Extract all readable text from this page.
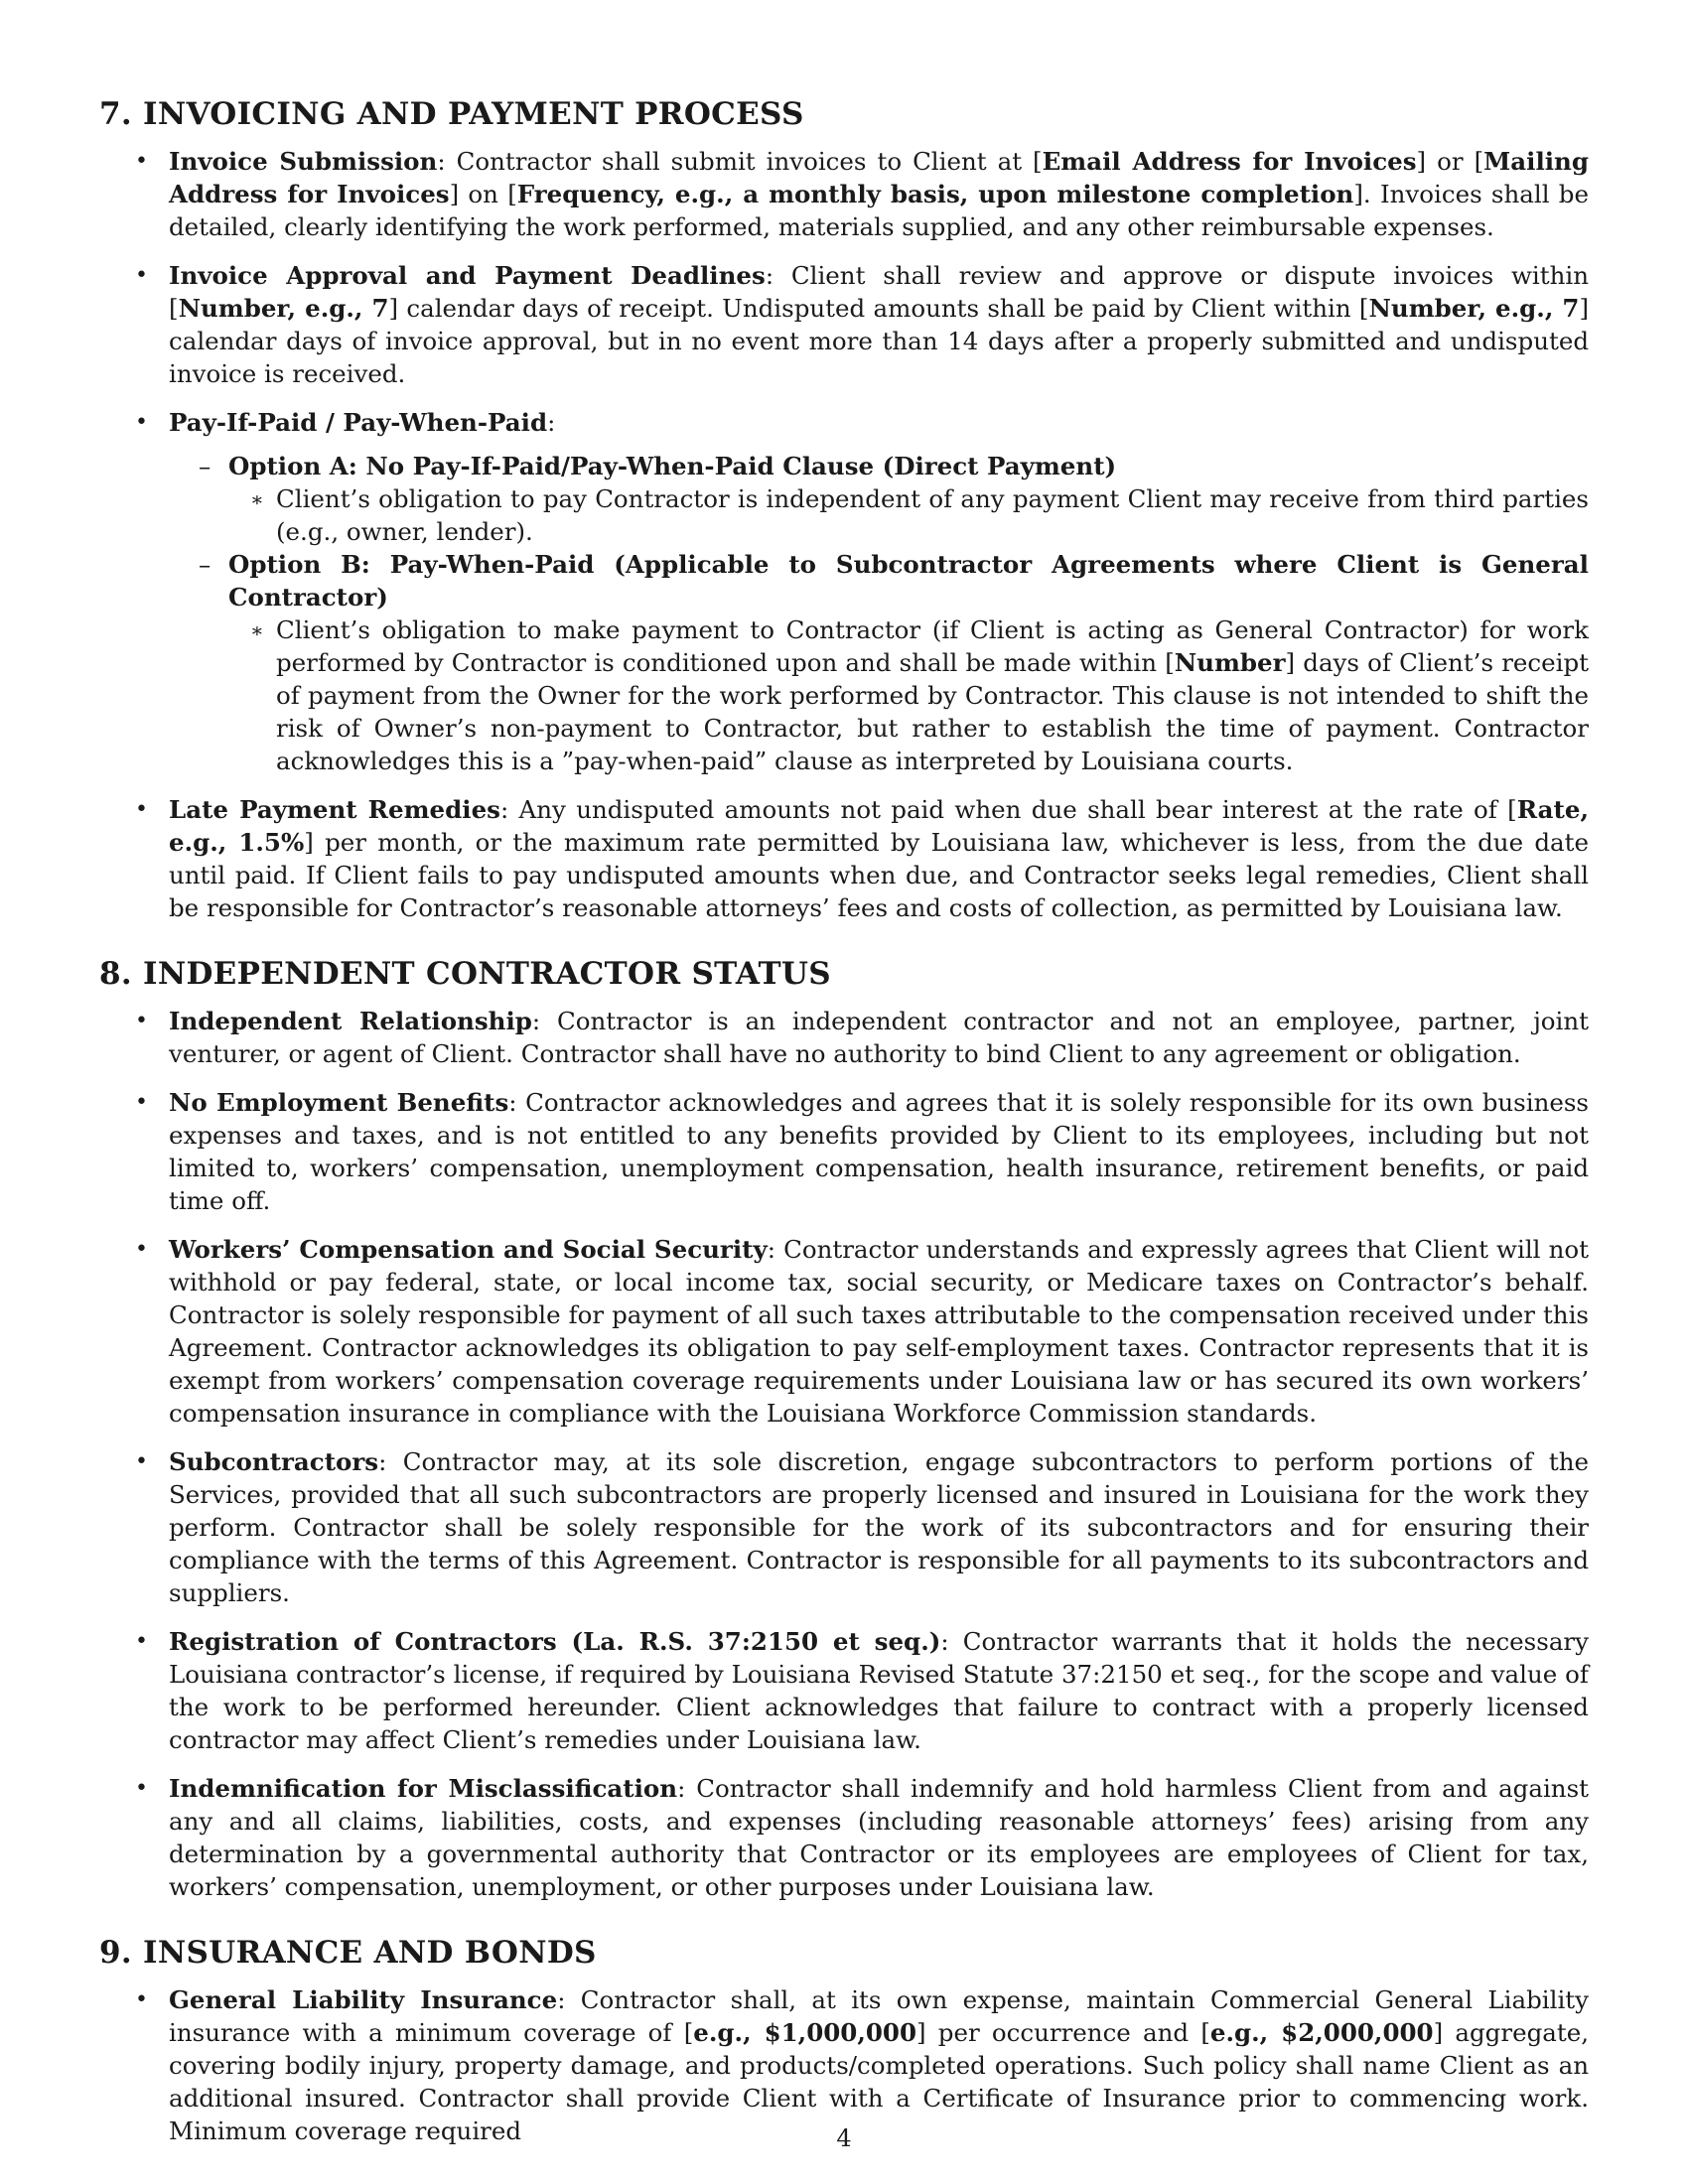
7. INVOICING AND PAYMENT PROCESS
• Invoice Submission: Contractor shall submit invoices to Client at [Email Address for Invoices] or [Mailing Address for Invoices] on [Frequency, e.g., a monthly basis, upon milestone completion]. Invoices shall be detailed, clearly identifying the work performed, materials supplied, and any other reimbursable expenses.
• Invoice Approval and Payment Deadlines: Client shall review and approve or dispute invoices within [Number, e.g., 7] calendar days of receipt. Undisputed amounts shall be paid by Client within [Number, e.g., 7] calendar days of invoice approval, but in no event more than 14 days after a properly submitted and undisputed invoice is received.
• Pay-If-Paid / Pay-When-Paid:
– Option A: No Pay-If-Paid/Pay-When-Paid Clause (Direct Payment)
∗ Client’s obligation to pay Contractor is independent of any payment Client may receive from third parties (e.g., owner, lender).
– Option B: Pay-When-Paid (Applicable to Subcontractor Agreements where Client is General Contractor)
∗ Client’s obligation to make payment to Contractor (if Client is acting as General Contractor) for work performed by Contractor is conditioned upon and shall be made within [Number] days of Client’s receipt of payment from the Owner for the work performed by Contractor. This clause is not intended to shift the risk of Owner’s non-payment to Contractor, but rather to establish the time of payment. Contractor acknowledges this is a ”pay-when-paid” clause as interpreted by Louisiana courts.
• Late Payment Remedies: Any undisputed amounts not paid when due shall bear interest at the rate of [Rate, e.g., 1.5%] per month, or the maximum rate permitted by Louisiana law, whichever is less, from the due date until paid. If Client fails to pay undisputed amounts when due, and Contractor seeks legal remedies, Client shall be responsible for Contractor’s reasonable attorneys’ fees and costs of collection, as permitted by Louisiana law.
8. INDEPENDENT CONTRACTOR STATUS
• Independent Relationship: Contractor is an independent contractor and not an employee, partner, joint venturer, or agent of Client. Contractor shall have no authority to bind Client to any agreement or obligation.
• No Employment Benefits: Contractor acknowledges and agrees that it is solely responsible for its own business expenses and taxes, and is not entitled to any benefits provided by Client to its employees, including but not limited to, workers’ compensation, unemployment compensation, health insurance, retirement benefits, or paid time off.
• Workers’ Compensation and Social Security: Contractor understands and expressly agrees that Client will not withhold or pay federal, state, or local income tax, social security, or Medicare taxes on Contractor’s behalf. Contractor is solely responsible for payment of all such taxes attributable to the compensation received under this Agreement. Contractor acknowledges its obligation to pay self-employment taxes. Contractor represents that it is exempt from workers’ compensation coverage requirements under Louisiana law or has secured its own workers’ compensation insurance in compliance with the Louisiana Workforce Commission standards.
• Subcontractors: Contractor may, at its sole discretion, engage subcontractors to perform portions of the Services, provided that all such subcontractors are properly licensed and insured in Louisiana for the work they perform. Contractor shall be solely responsible for the work of its subcontractors and for ensuring their compliance with the terms of this Agreement. Contractor is responsible for all payments to its subcontractors and suppliers.
• Registration of Contractors (La. R.S. 37:2150 et seq.): Contractor warrants that it holds the necessary Louisiana contractor’s license, if required by Louisiana Revised Statute 37:2150 et seq., for the scope and value of the work to be performed hereunder. Client acknowledges that failure to contract with a properly licensed contractor may affect Client’s remedies under Louisiana law.
• Indemnification for Misclassification: Contractor shall indemnify and hold harmless Client from and against any and all claims, liabilities, costs, and expenses (including reasonable attorneys’ fees) arising from any determination by a governmental authority that Contractor or its employees are employees of Client for tax, workers’ compensation, unemployment, or other purposes under Louisiana law.
9. INSURANCE AND BONDS
• General Liability Insurance: Contractor shall, at its own expense, maintain Commercial General Liability insurance with a minimum coverage of [e.g., $1,000,000] per occurrence and [e.g., $2,000,000] aggregate, covering bodily injury, property damage, and products/completed operations. Such policy shall name Client as an additional insured. Contractor shall provide Client with a Certificate of Insurance prior to commencing work. Minimum coverage required	4
